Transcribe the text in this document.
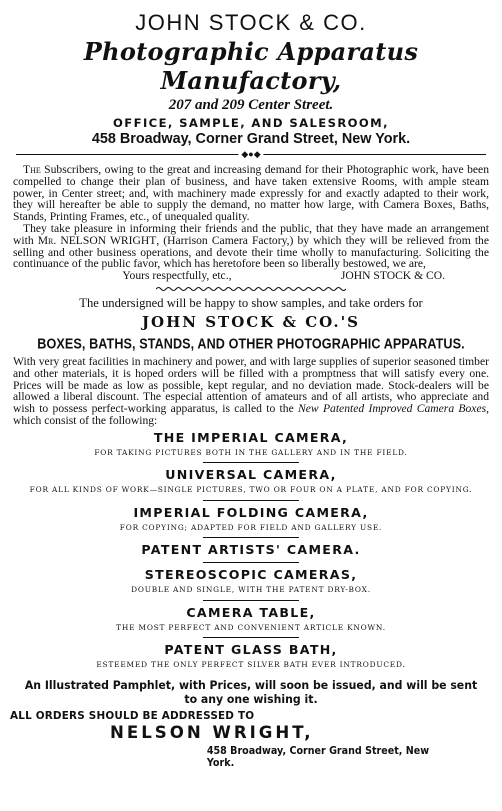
JOHN STOCK & CO.
Photographic Apparatus Manufactory,
207 and 209 Center Street.
OFFICE, SAMPLE, AND SALESROOM,
458 Broadway, Corner Grand Street, New York.
◆●◆
The Subscribers, owing to the great and increasing demand for their Photographic work, have been compelled to change their plan of business, and have taken extensive Rooms, with ample steam power, in Center street; and, with machinery made expressly for and exactly adapted to their work, they will hereafter be able to supply the demand, no matter how large, with Camera Boxes, Baths, Stands, Printing Frames, etc., of unequaled quality.
They take pleasure in informing their friends and the public, that they have made an arrangement with Mr. NELSON WRIGHT, (Harrison Camera Factory,) by which they will be relieved from the selling and other business operations, and devote their time wholly to manufacturing. Soliciting the continuance of the public favor, which has heretofore been so liberally bestowed, we are,
Yours respectfully, etc.,	JOHN STOCK & CO.
The undersigned will be happy to show samples, and take orders for
JOHN STOCK & CO.'S
BOXES, BATHS, STANDS, AND OTHER PHOTOGRAPHIC APPARATUS.
With very great facilities in machinery and power, and with large supplies of superior seasoned timber and other materials, it is hoped orders will be filled with a promptness that will satisfy every one. Prices will be made as low as possible, kept regular, and no deviation made. Stock-dealers will be allowed a liberal discount. The especial attention of amateurs and of all artists, who appreciate and wish to possess perfect-working apparatus, is called to the New Patented Improved Camera Boxes, which consist of the following:
THE IMPERIAL CAMERA,
FOR TAKING PICTURES BOTH IN THE GALLERY AND IN THE FIELD.
UNIVERSAL CAMERA,
FOR ALL KINDS OF WORK—SINGLE PICTURES, TWO OR FOUR ON A PLATE, AND FOR COPYING.
IMPERIAL FOLDING CAMERA,
FOR COPYING; ADAPTED FOR FIELD AND GALLERY USE.
PATENT ARTISTS' CAMERA.
STEREOSCOPIC CAMERAS,
DOUBLE AND SINGLE, WITH THE PATENT DRY-BOX.
CAMERA TABLE,
THE MOST PERFECT AND CONVENIENT ARTICLE KNOWN.
PATENT GLASS BATH,
ESTEEMED THE ONLY PERFECT SILVER BATH EVER INTRODUCED.
An Illustrated Pamphlet, with Prices, will soon be issued, and will be sent to any one wishing it.
ALL ORDERS SHOULD BE ADDRESSED TO
NELSON WRIGHT,
458 Broadway, Corner Grand Street, New York.
